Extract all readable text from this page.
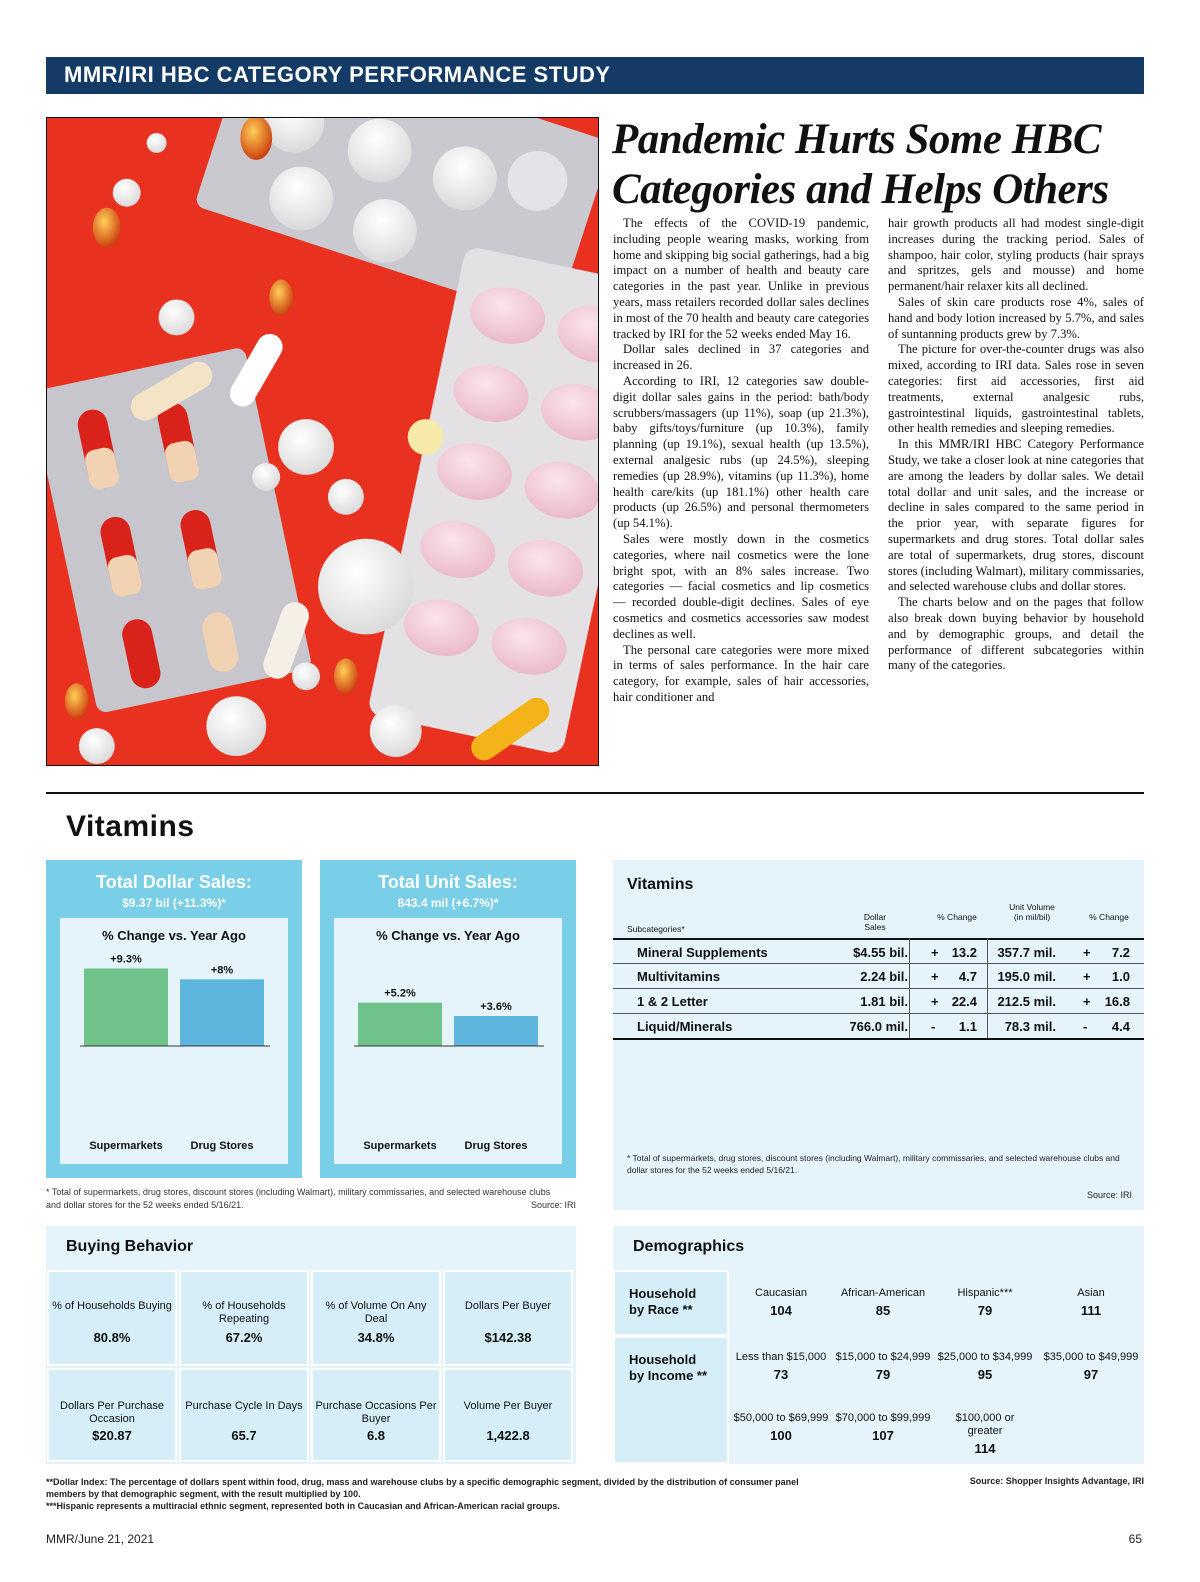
MMR/IRI HBC CATEGORY PERFORMANCE STUDY
Pandemic Hurts Some HBC
Categories and Helps Others

The effects of the COVID-19 pandemic, including people wearing masks, working from home and skipping big social gatherings, had a big impact on a number of health and beauty care categories in the past year. Unlike in previous years, mass retailers recorded dollar sales declines in most of the 70 health and beauty care categories tracked by IRI for the 52 weeks ended May 16.

Dollar sales declined in 37 categories and increased in 26.

According to IRI, 12 categories saw double-digit dollar sales gains in the period: bath/body scrubbers/massagers (up 11%), soap (up 21.3%), baby gifts/toys/furniture (up 10.3%), family planning (up 19.1%), sexual health (up 13.5%), external analgesic rubs (up 24.5%), sleeping remedies (up 28.9%), vitamins (up 11.3%), home health care/kits (up 181.1%) other health care products (up 26.5%) and personal thermometers (up 54.1%).

Sales were mostly down in the cosmetics categories, where nail cosmetics were the lone bright spot, with an 8% sales increase. Two categories — facial cosmetics and lip cosmetics — recorded double-digit declines. Sales of eye cosmetics and cosmetics accessories saw modest declines as well.

The personal care categories were more mixed in terms of sales performance. In the hair care category, for example, sales of hair accessories, hair conditioner and

hair growth products all had modest single-digit increases during the tracking period. Sales of shampoo, hair color, styling products (hair sprays and spritzes, gels and mousse) and home permanent/hair relaxer kits all declined.

Sales of skin care products rose 4%, sales of hand and body lotion increased by 5.7%, and sales of suntanning products grew by 7.3%.

The picture for over-the-counter drugs was also mixed, according to IRI data. Sales rose in seven categories: first aid accessories, first aid treatments, external analgesic rubs, gastrointestinal liquids, gastrointestinal tablets, other health remedies and sleeping remedies.

In this MMR/IRI HBC Category Performance Study, we take a closer look at nine categories that are among the leaders by dollar sales. We detail total dollar and unit sales, and the increase or decline in sales compared to the same period in the prior year, with separate figures for supermarkets and drug stores. Total dollar sales are total of supermarkets, drug stores, discount stores (including Walmart), military commissaries, and selected warehouse clubs and dollar stores.

The charts below and on the pages that follow also break down buying behavior by household and by demographic groups, and detail the performance of different subcategories within many of the categories.

Vitamins
Total Dollar Sales:
$9.37 bil (+11.3%)*
% Change vs. Year Ago
+9.3%
Supermarkets
+8%
Drug Stores
Total Unit Sales:
843.4 mil (+6.7%)*
% Change vs. Year Ago
+5.2%
Supermarkets
+3.6%
Drug Stores
* Total of supermarkets, drug stores, discount stores (including Walmart), military commissaries, and selected warehouse clubs and dollar stores for the 52 weeks ended 5/16/21.	Source: IRI
Vitamins
Subcategories*
Dollar Sales
% Change
Unit Volume (in mil/bil)	% Change
Mineral Supplements	$4.55 bil. + 13.2 357.7 mil. + 7.2
Multivitamins	2.24 bil. + 4.7 195.0 mil. + 1.0
1 & 2 Letter	1.81 bil. + 22.4 212.5 mil. + 16.8
Liquid/Minerals	766.0 mil. - 1.1 78.3 mil. - 4.4
* Total of supermarkets, drug stores, discount stores (including Walmart), military commissaries, and selected warehouse clubs and dollar stores for the 52 weeks ended 5/16/21.
Source: IRI
Buying Behavior
% of Households Buying
80.8%
% of Households Repeating
67.2%
% of Volume On Any Deal
34.8%
Dollars Per Buyer
$142.38
Dollars Per Purchase Occasion
$20.87
Purchase Cycle In Days
65.7
Purchase Occasions Per Buyer
6.8
Volume Per Buyer
1,422.8
Demographics
Household by Race **
Household by Income **
Caucasian
104
African-American
85
Hispanic***
79
Asian
111
Less than $15,000
73
$15,000 to $24,999
79
$25,000 to $34,999
95
$35,000 to $49,999
97
$50,000 to $69,999
100
$70,000 to $99,999
107
$100,000 or greater
114
**Dollar Index: The percentage of dollars spent within food, drug, mass and warehouse clubs by a specific demographic segment, divided by the distribution of consumer panel members by that demographic segment, with the result multiplied by 100.
***Hispanic represents a multiracial ethnic segment, represented both in Caucasian and African-American racial groups.
Source: Shopper Insights Advantage, IRI
MMR/June 21, 2021	65
